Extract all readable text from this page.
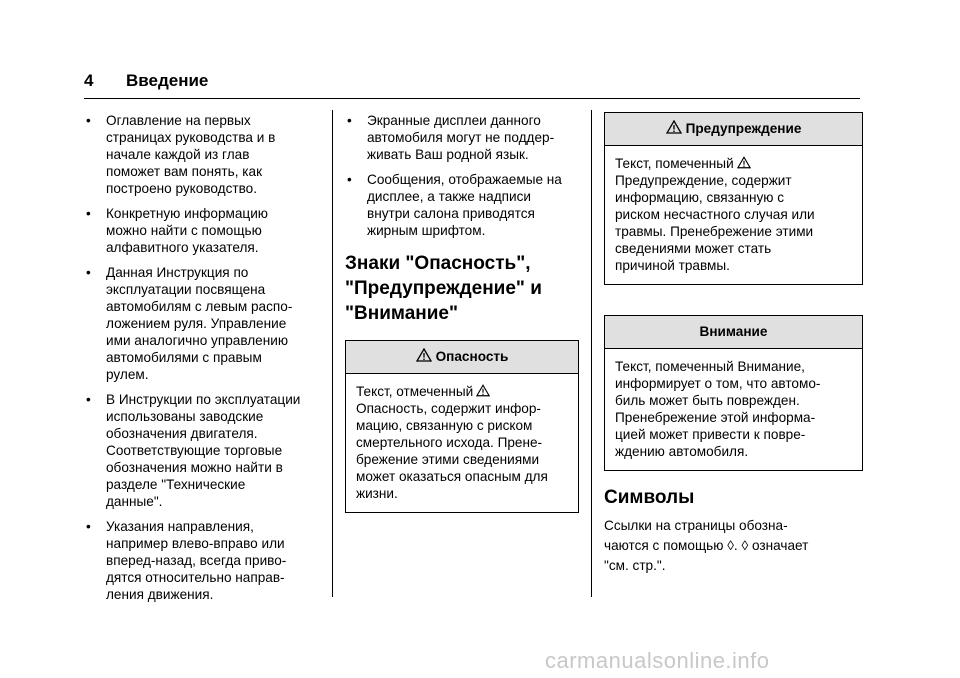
4 Введение
• Оглавление на первых
страницах руководства и в
начале каждой из глав
поможет вам понять, как
построено руководство.
• Конкретную информацию
можно найти с помощью
алфавитного указателя.
• Данная Инструкция по
эксплуатации посвящена
автомобилям с левым распо-
ложением руля. Управление
ими аналогично управлению
автомобилями с правым
рулем.
• В Инструкции по эксплуатации
использованы заводские
обозначения двигателя.
Соответствующие торговые
обозначения можно найти в
разделе "Технические
данные".
• Указания направления,
например влево-вправо или
вперед-назад, всегда приво-
дятся относительно направ-
ления движения.
• Экранные дисплеи данного
автомобиля могут не поддер-
живать Ваш родной язык.
• Сообщения, отображаемые на
дисплее, а также надписи
внутри салона приводятся
жирным шрифтом.
Знаки "Опасность",
"Предупреждение" и
"Внимание"
Опасность
Текст, отмеченный
Опасность, содержит инфор-
мацию, связанную с риском
смертельного исхода. Прене-
брежение этими сведениями
может оказаться опасным для
жизни.
Предупреждение
Текст, помеченный
Предупреждение, содержит
информацию, связанную с
риском несчастного случая или
травмы. Пренебрежение этими
сведениями может стать
причиной травмы.
Внимание
Текст, помеченный Внимание,
информирует о том, что автомо-
биль может быть поврежден.
Пренебрежение этой информа-
цией может привести к повре-
ждению автомобиля.
Символы
Ссылки на страницы обозна-
чаются с помощью ◊. ◊ означает
"см. стр.".
carmanualsonline.info
